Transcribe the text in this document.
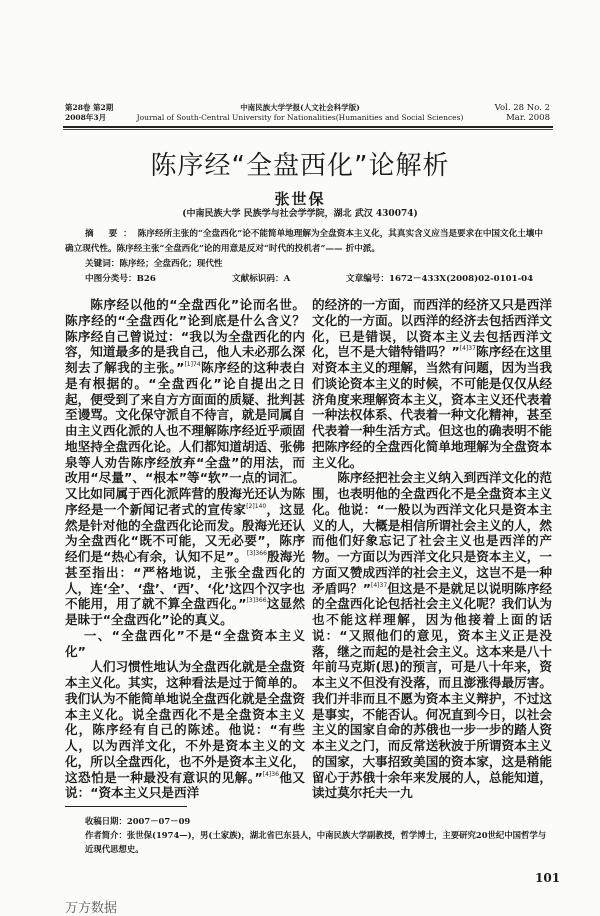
第28卷 第2期
2008年3月
中南民族大学学报(人文社会科学版)
Journal of South-Central University for Nationalities(Humanities and Social Sciences)
Vol. 28 No. 2
Mar. 2008
陈序经“全盘西化”论解析
张世保
(中南民族大学 民族学与社会学学院，湖北 武汉 430074)
摘 要：陈序经所主张的“全盘西化”论不能简单地理解为全盘资本主义化，其真实含义应当是要求在中国文化土壤中确立现代性。陈序经主张“全盘西化”论的用意是反对“时代的投机者”—— 折中派。
关键词：陈序经；全盘西化；现代性
中图分类号：B26	文献标识码：A	文章编号：1672－433X(2008)02-0101-04

陈序经以他的“全盘西化”论而名世。陈序经的“全盘西化”论到底是什么含义？陈序经自己曾说过：“我以为全盘西化的内容，知道最多的是我自己，他人未必那么深刻去了解我的主张。”$^{[1]74}$陈序经的这种表白是有根据的。“全盘西化”论自提出之日起，便受到了来自方方面面的质疑、批判甚至谩骂。文化保守派自不待言，就是同属自由主义西化派的人也不理解陈序经近乎顽固地坚持全盘西化论。人们都知道胡适、张佛泉等人劝告陈序经放弃“全盘”的用法，而改用“尽量”、“根本”等“软”一点的词汇。又比如同属于西化派阵营的殷海光还认为陈序经是一个新闻记者式的宣传家$^{[2]140}$，这显然是针对他的全盘西化论而发。殷海光还认为全盘西化“既不可能，又无必要”，陈序经们是“热心有余，认知不足”。$^{[3]366}$殷海光甚至指出：“严格地说，主张全盘西化的人，连‘全’、‘盘’、‘西’、‘化’这四个汉字也不能用，用了就不算全盘西化。”$^{[3]366}$这显然是昧于“全盘西化”论的真义。

一、“全盘西化”不是“全盘资本主义化”

人们习惯性地认为全盘西化就是全盘资本主义化。其实，这种看法是过于简单的。我们认为不能简单地说全盘西化就是全盘资本主义化。说全盘西化不是全盘资本主义化，陈序经有自己的陈述。他说：“有些人，以为西洋文化，不外是资本主义的文化，所以全盘西化，也不外是资本主义化，这恐怕是一种最没有意识的见解。”$^{[4]36}$他又说：“资本主义只是西洋

的经济的一方面，而西洋的经济又只是西洋文化的一方面。以西洋的经济去包括西洋文化，已是错误，以资本主义去包括西洋文化，岂不是大错特错吗？”$^{[4]37}$陈序经在这里对资本主义的理解，当然有问题，因为当我们谈论资本主义的时候，不可能是仅仅从经济角度来理解资本主义，资本主义还代表着一种法权体系、代表着一种文化精神，甚至代表着一种生活方式。但这也的确表明不能把陈序经的全盘西化简单地理解为全盘资本主义化。

陈序经把社会主义纳入到西洋文化的范围，也表明他的全盘西化不是全盘资本主义化。他说：“一般以为西洋文化只是资本主义的人，大概是相信所谓社会主义的人，然而他们好象忘记了社会主义也是西洋的产物。一方面以为西洋文化只是资本主义，一方面又赞成西洋的社会主义，这岂不是一种矛盾吗？”$^{[4]37}$但这是不是就足以说明陈序经的全盘西化论包括社会主义化呢？我们认为也不能这样理解，因为他接着上面的话说：“又照他们的意见，资本主义正是没落，继之而起的是社会主义。这本来是八十年前马克斯(思)的预言，可是八十年来，资本主义不但没有没落，而且澎涨得最厉害。我们并非而且不愿为资本主义辩护，不过这是事实，不能否认。何况直到今日，以社会主义的国家自命的苏俄也一步一步的踏人资本主义之门，而反常送秋波于所谓资本主义的国家，大事招致美国的资本家，这是稍能留心于苏俄十余年来发展的人，总能知道，读过莫尔托夫一九

收稿日期：2007－07－09
作者简介：张世保(1974—)，男(土家族)，湖北省巴东县人，中南民族大学副教授，哲学博士，主要研究20世纪中国哲学与
近现代思想史。
101
万方数据
